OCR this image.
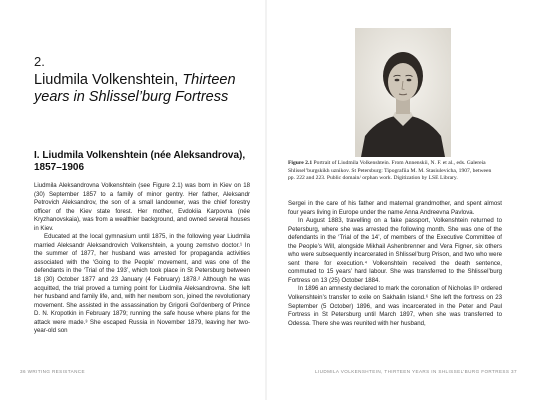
2.
Liudmila Volkenshtein, Thirteen years in Shlissel’burg Fortress
I. Liudmila Volkenshtein (née Aleksandrova), 1857–1906

Liudmila Aleksandrovna Volkenshtein (see Figure 2.1) was born in Kiev on 18 (30) September 1857 to a family of minor gentry. Her father, Aleksandr Petrovich Aleksandrov, the son of a small landowner, was the chief forestry officer of the Kiev state forest. Her mother, Evdokiia Karpovna (née Kryzhanovskaia), was from a wealthier background, and owned several houses in Kiev.

Educated at the local gymnasium until 1875, in the following year Liudmila married Aleksandr Aleksandrovich Volkenshtein, a young zemstvo doctor.¹ In the summer of 1877, her husband was arrested for propaganda activities associated with the ‘Going to the People’ movement, and was one of the defendants in the ‘Trial of the 193’, which took place in St Petersburg between 18 (30) October 1877 and 23 January (4 February) 1878.² Although he was acquitted, the trial proved a turning point for Liudmila Aleksandrovna. She left her husband and family life, and, with her newborn son, joined the revolutionary movement. She assisted in the assassination by Grigorii Gol’denberg of Prince D. N. Kropotkin in February 1879; running the safe house where plans for the attack were made.³ She escaped Russia in November 1879, leaving her two-year-old son

36 WRITING RESISTANCE	LIUDMILA VOLKENSHTEIN, THIRTEEN YEARS IN SHLISSEL’BURG FORTRESS 37
Figure 2.1 Portrait of Liudmila Volkenshtein. From Annenskii, N. F. et al., eds. Galereia Shlissel’burgskikh uznikov. St Petersburg: Tipografiia M. M. Stasiulevicha, 1907, between pp. 222 and 223. Public domain/ orphan work. Digitization by LSE Library.

Sergei in the care of his father and maternal grandmother, and spent almost four years living in Europe under the name Anna Andreevna Pavlova.

In August 1883, travelling on a fake passport, Volkenshtein returned to Petersburg, where she was arrested the following month. She was one of the defendants in the ‘Trial of the 14’, of members of the Executive Committee of the People’s Will, alongside Mikhail Ashenbrenner and Vera Figner, six others who were subsequently incarcerated in Shlissel’burg Prison, and two who were sent there for execution.⁴ Volkenshtein received the death sentence, commuted to 15 years’ hard labour. She was transferred to the Shlissel’burg Fortress on 13 (25) October 1884.

In 1896 an amnesty declared to mark the coronation of Nicholas II⁵ ordered Volkenshtein’s transfer to exile on Sakhalin Island.⁶ She left the fortress on 23 September (5 October) 1896, and was incarcerated in the Peter and Paul Fortress in St Petersburg until March 1897, when she was transferred to Odessa. There she was reunited with her husband,
